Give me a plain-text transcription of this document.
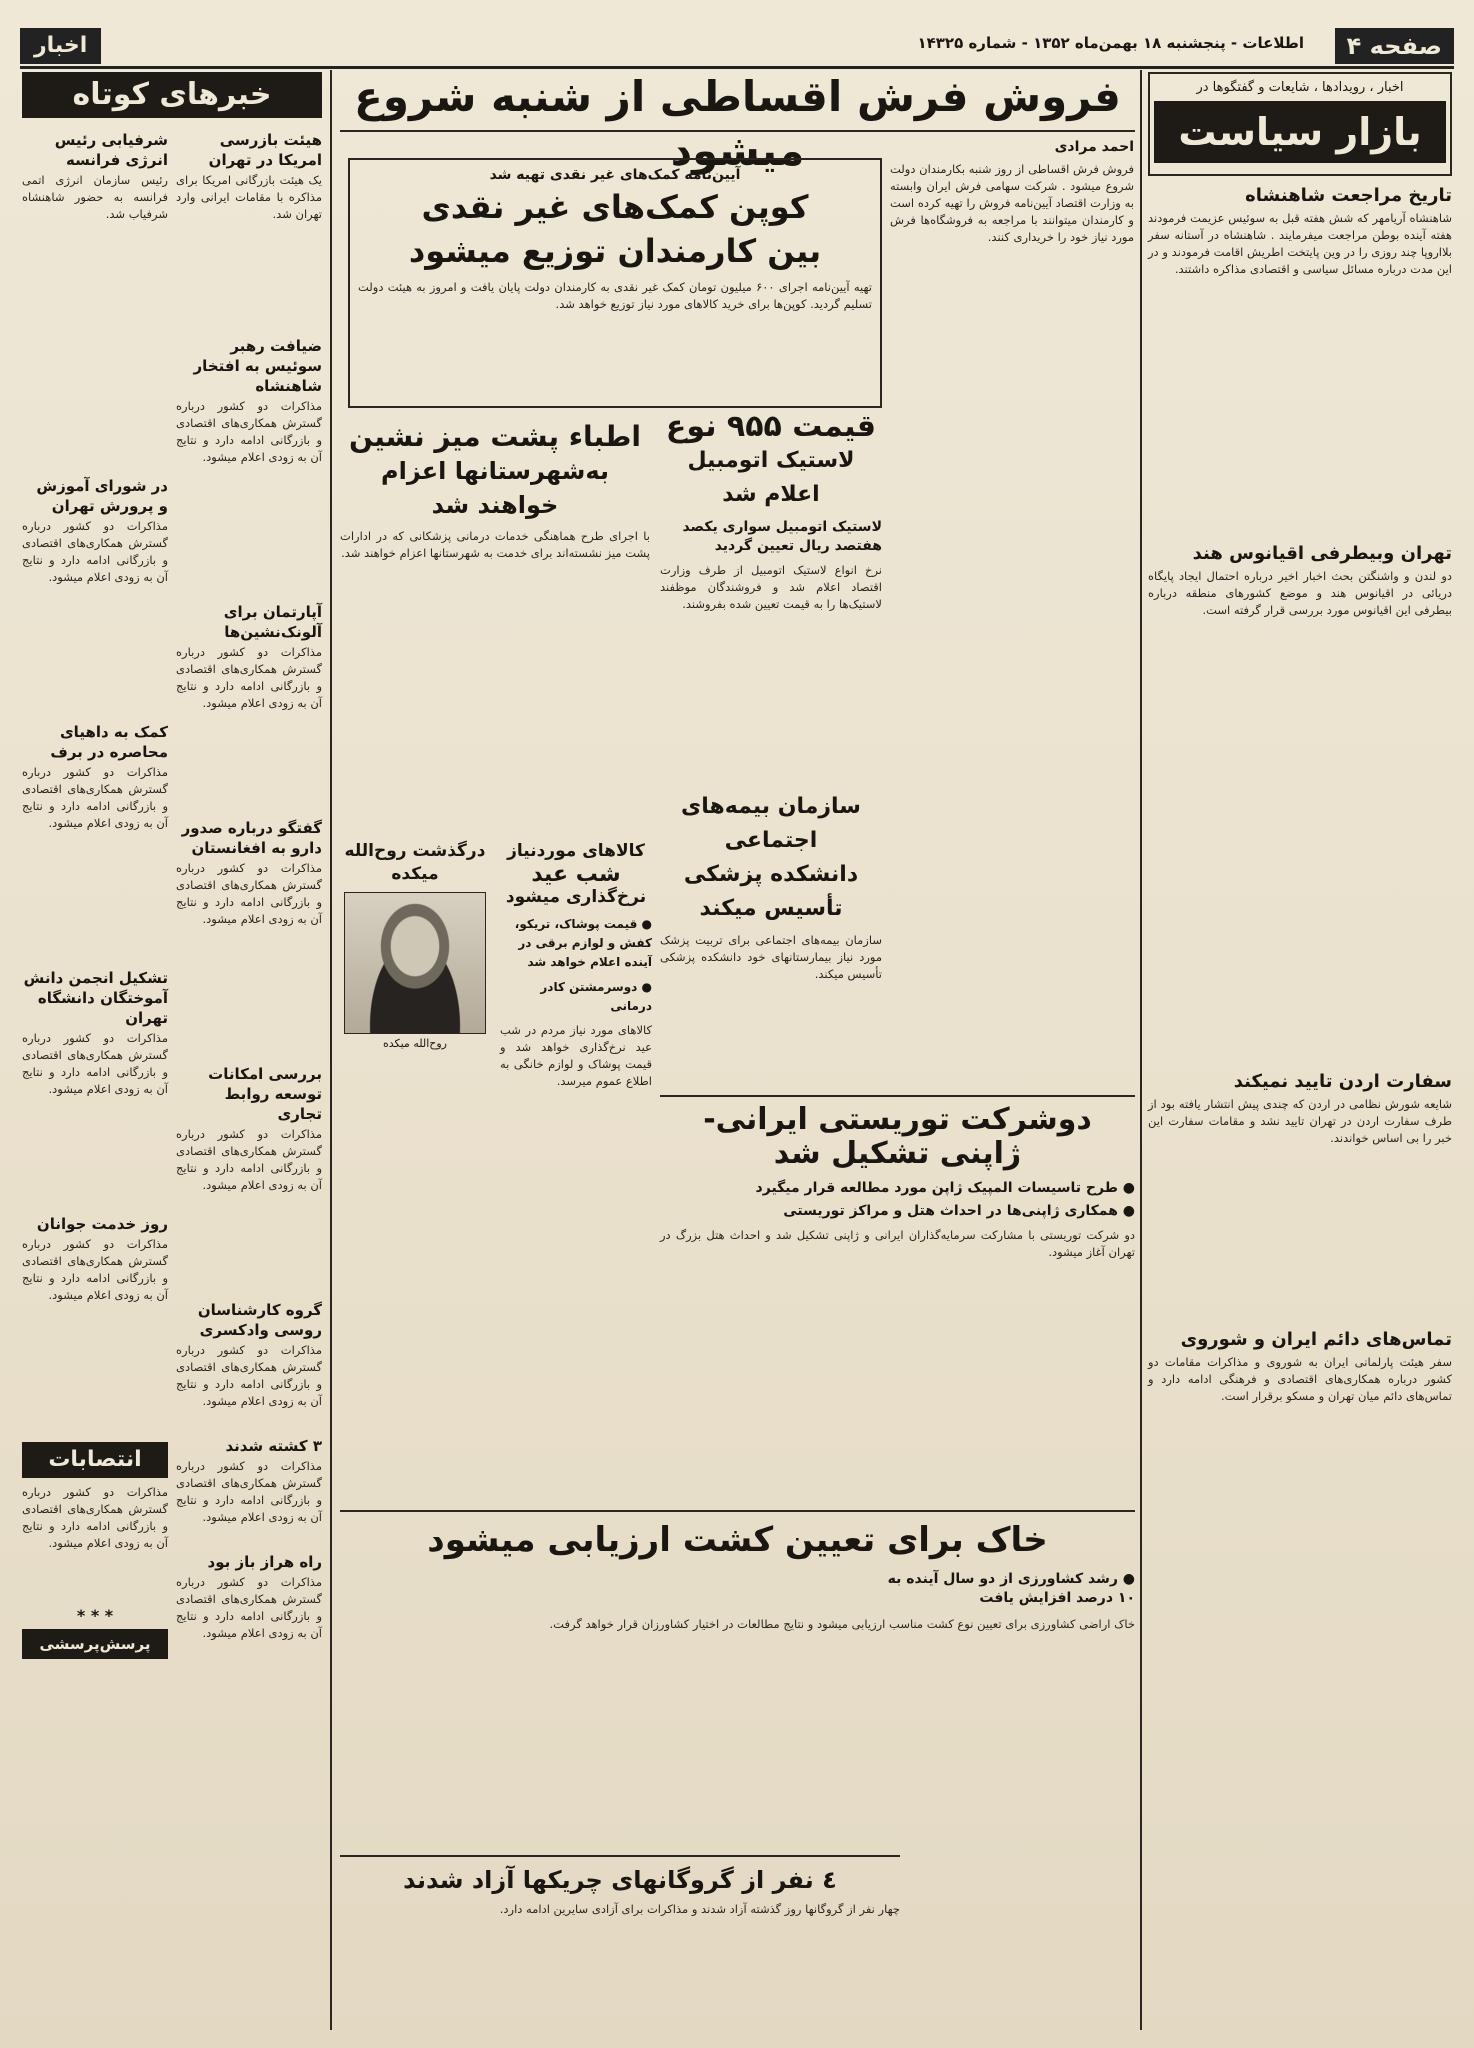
صفحه ۴
اطلاعات - پنجشنبه ۱۸ بهمن‌ماه ۱۳۵۲ - شماره ۱۴۳۲۵
اخبار
اخبار ، رویدادها ، شایعات و گفتگوها در
بازار سیاست
تاریخ مراجعت شاهنشاه

شاهنشاه آریامهر که شش هفته قبل به سوئیس عزیمت فرمودند هفته آینده بوطن مراجعت میفرمایند . شاهنشاه در آستانه سفر بلااروپا چند روزی را در وین پایتخت اطریش اقامت فرمودند و در این مدت درباره مسائل سیاسی و اقتصادی مذاکره داشتند.

تهران وبیطرفی اقیانوس هند

دو لندن و واشنگتن بحث اخبار اخیر درباره احتمال ایجاد پایگاه دریائی در اقیانوس هند و موضع کشورهای منطقه درباره بیطرفی این اقیانوس مورد بررسی قرار گرفته است.

سفارت اردن تایید نمیکند

شایعه شورش نظامی در اردن که چندی پیش انتشار یافته بود از طرف سفارت اردن در تهران تایید نشد و مقامات سفارت این خبر را بی اساس خواندند.

تماس‌های دائم ایران و شوروی

سفر هیئت پارلمانی ایران به شوروی و مذاکرات مقامات دو کشور درباره همکاری‌های اقتصادی و فرهنگی ادامه دارد و تماس‌های دائم میان تهران و مسکو برقرار است.

فروش فرش اقساطی از شنبه شروع میشود	احمد مرادی

فروش فرش اقساطی از روز شنبه بکارمندان دولت شروع میشود . شرکت سهامی فرش ایران وابسته به وزارت اقتصاد آیین‌نامه فروش را تهیه کرده است و کارمندان میتوانند با مراجعه به فروشگاه‌ها فرش مورد نیاز خود را خریداری کنند.

آیین‌نامه کمک‌های غیر نقدی تهیه شد
کوپن کمک‌های غیر نقدی
بین کارمندان توزیع میشود

تهیه آیین‌نامه اجرای ۶۰۰ میلیون تومان کمک غیر نقدی به کارمندان دولت پایان یافت و امروز به هیئت دولت تسلیم گردید. کوپن‌ها برای خرید کالاهای مورد نیاز توزیع خواهد شد.

قیمت ۹۵۵ نوع
لاستیک اتومبیل اعلام شد
لاستیک اتومبیل سواری یکصد هفتصد ریال تعیین گردید

نرخ انواع لاستیک اتومبیل از طرف وزارت اقتصاد اعلام شد و فروشندگان موظفند لاستیک‌ها را به قیمت تعیین شده بفروشند.

اطباء پشت میز نشین
به‌شهرستانها اعزام خواهند شد

با اجرای طرح هماهنگی خدمات درمانی پزشکانی که در ادارات پشت میز نشسته‌اند برای خدمت به شهرستانها اعزام خواهند شد.

سازمان بیمه‌های اجتماعی
دانشکده پزشکی تأسیس میکند

سازمان بیمه‌های اجتماعی برای تربیت پزشک مورد نیاز بیمارستانهای خود دانشکده پزشکی تأسیس میکند.

درگذشت روح‌الله
میکده
روح‌الله میکده
کالاهای موردنیاز
شب عید
نرخ‌گذاری میشود
● قیمت پوشاک، تریکو، کفش و لوازم برقی در آینده اعلام خواهد شد
● دوسرمشتن کادر درمانی

کالاهای مورد نیاز مردم در شب عید نرخ‌گذاری خواهد شد و قیمت پوشاک و لوازم خانگی به اطلاع عموم میرسد.

دوشرکت توریستی ایرانی‌-
ژاپنی تشکیل شد
● طرح تاسیسات المپیک ژاپن مورد مطالعه قرار میگیرد
● همکاری ژاپنی‌ها در احداث هتل و مراکز توریستی

دو شرکت توریستی با مشارکت سرمایه‌گذاران ایرانی و ژاپنی تشکیل شد و احداث هتل بزرگ در تهران آغاز میشود.

خاک برای تعیین کشت ارزیابی میشود
● رشد کشاورزی از دو سال آینده به ۱۰ درصد افزایش یافت

خاک اراضی کشاورزی برای تعیین نوع کشت مناسب ارزیابی میشود و نتایج مطالعات در اختیار کشاورزان قرار خواهد گرفت.

٤ نفر از گروگانهای چریکها آزاد شدند

چهار نفر از گروگانها روز گذشته آزاد شدند و مذاکرات برای آزادی سایرین ادامه دارد.

خبرهای کوتاه
هیئت بازرسی امریکا در تهران

یک هیئت بازرگانی امریکا برای مذاکره با مقامات ایرانی وارد تهران شد.

ضیافت رهبر سوئیس به افتخار شاهنشاه

مذاکرات دو کشور درباره گسترش همکاری‌های اقتصادی و بازرگانی ادامه دارد و نتایج آن به زودی اعلام میشود.

آپارتمان برای آلونک‌نشین‌ها

مذاکرات دو کشور درباره گسترش همکاری‌های اقتصادی و بازرگانی ادامه دارد و نتایج آن به زودی اعلام میشود.

گفتگو درباره صدور دارو به افغانستان

مذاکرات دو کشور درباره گسترش همکاری‌های اقتصادی و بازرگانی ادامه دارد و نتایج آن به زودی اعلام میشود.

بررسی امکانات توسعه روابط تجاری

مذاکرات دو کشور درباره گسترش همکاری‌های اقتصادی و بازرگانی ادامه دارد و نتایج آن به زودی اعلام میشود.

گروه کارشناسان روسی وادکسری

مذاکرات دو کشور درباره گسترش همکاری‌های اقتصادی و بازرگانی ادامه دارد و نتایج آن به زودی اعلام میشود.

۳ کشته شدند

مذاکرات دو کشور درباره گسترش همکاری‌های اقتصادی و بازرگانی ادامه دارد و نتایج آن به زودی اعلام میشود.

راه هراز باز بود

مذاکرات دو کشور درباره گسترش همکاری‌های اقتصادی و بازرگانی ادامه دارد و نتایج آن به زودی اعلام میشود.

شرفیابی رئیس انرژی فرانسه

رئیس سازمان انرژی اتمی فرانسه به حضور شاهنشاه شرفیاب شد.

در شورای آموزش و پرورش تهران

مذاکرات دو کشور درباره گسترش همکاری‌های اقتصادی و بازرگانی ادامه دارد و نتایج آن به زودی اعلام میشود.

کمک به داهیای محاصره در برف

مذاکرات دو کشور درباره گسترش همکاری‌های اقتصادی و بازرگانی ادامه دارد و نتایج آن به زودی اعلام میشود.

تشکیل انجمن دانش آموختگان دانشگاه تهران

مذاکرات دو کشور درباره گسترش همکاری‌های اقتصادی و بازرگانی ادامه دارد و نتایج آن به زودی اعلام میشود.

روز خدمت جوانان

مذاکرات دو کشور درباره گسترش همکاری‌های اقتصادی و بازرگانی ادامه دارد و نتایج آن به زودی اعلام میشود.

انتصابات

مذاکرات دو کشور درباره گسترش همکاری‌های اقتصادی و بازرگانی ادامه دارد و نتایج آن به زودی اعلام میشود.

* * *
پرسش‌پرسشی
